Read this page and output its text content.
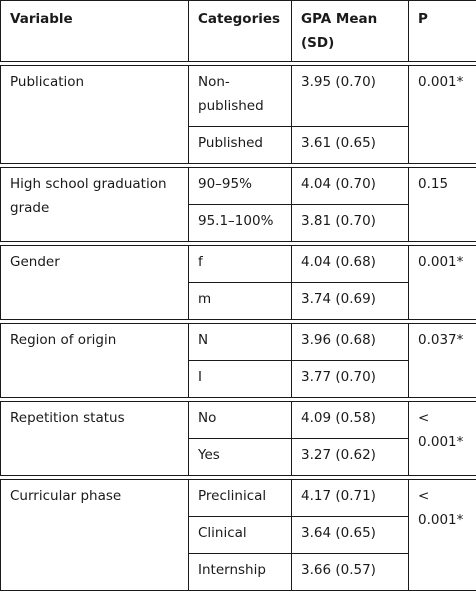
Variable	Categories	GPA Mean (SD)	P

Publication	Non-published	3.95 (0.70)	0.001*
	Published	3.61 (0.65)	

High school graduation grade	90–95%	4.04 (0.70)	0.15
	95.1–100%	3.81 (0.70)	

Gender	f	4.04 (0.68)	0.001*
	m	3.74 (0.69)	

Region of origin	N	3.96 (0.68)	0.037*
	I	3.77 (0.70)	

Repetition status	No	4.09 (0.58)	< 0.001*
	Yes	3.27 (0.62)	

Curricular phase	Preclinical	4.17 (0.71)	< 0.001*
	Clinical	3.64 (0.65)	
	Internship	3.66 (0.57)	
